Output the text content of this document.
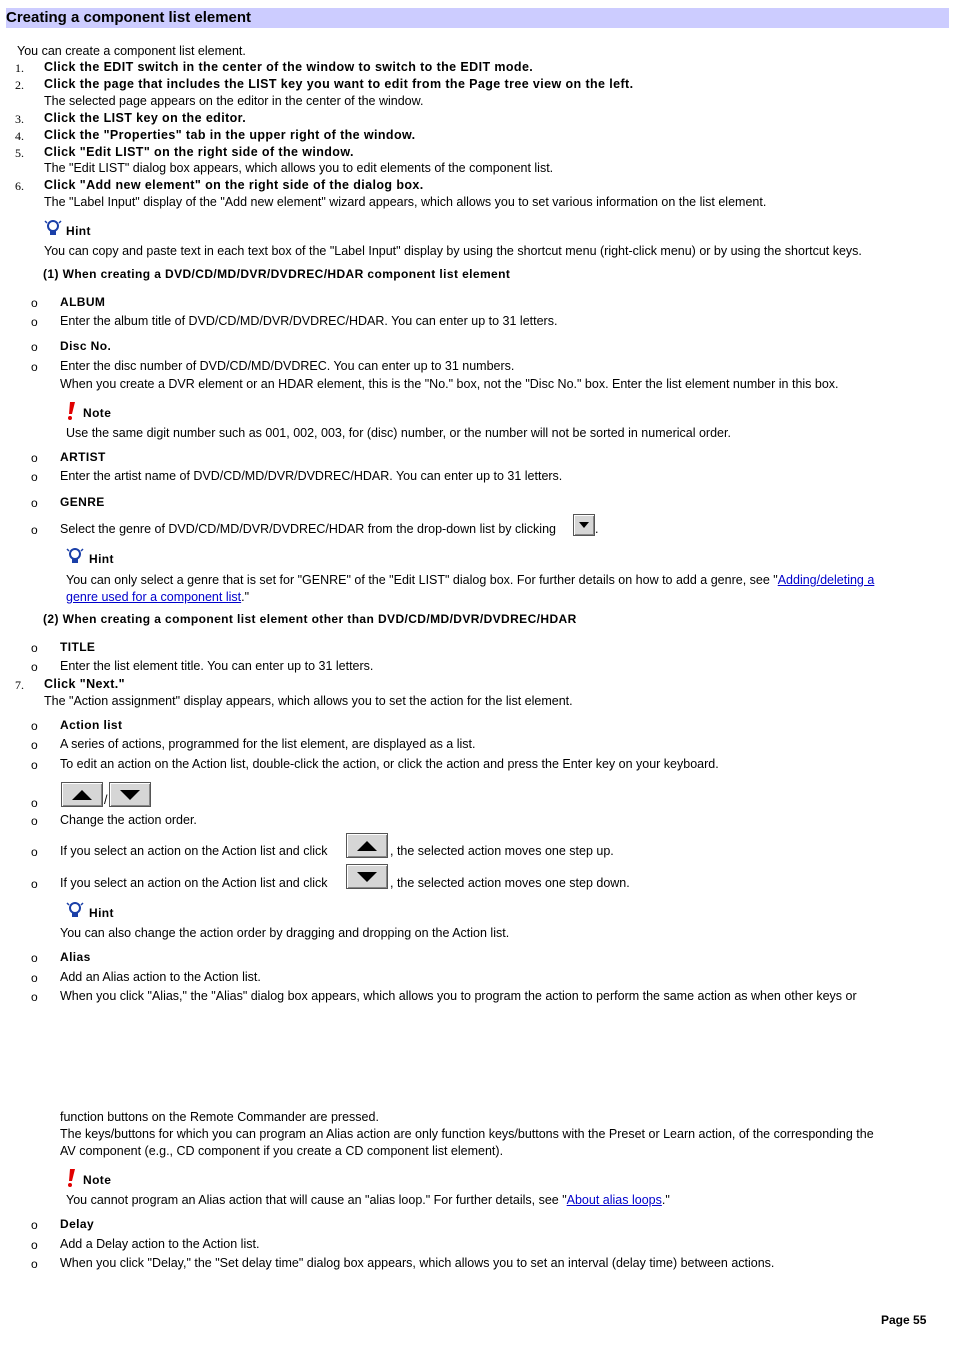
Creating a component list element
You can create a component list element.
1. Click the EDIT switch in the center of the window to switch to the EDIT mode.
2. Click the page that includes the LIST key you want to edit from the Page tree view on the left.
The selected page appears on the editor in the center of the window.
3. Click the LIST key on the editor.
4. Click the "Properties" tab in the upper right of the window.
5. Click "Edit LIST" on the right side of the window.
The "Edit LIST" dialog box appears, which allows you to edit elements of the component list.
6. Click "Add new element" on the right side of the dialog box.
The "Label Input" display of the "Add new element" wizard appears, which allows you to set various information on the list element.
Hint
You can copy and paste text in each text box of the "Label Input" display by using the shortcut menu (right-click menu) or by using the shortcut keys.
(1) When creating a DVD/CD/MD/DVR/DVDREC/HDAR component list element
o ALBUM
o Enter the album title of DVD/CD/MD/DVR/DVDREC/HDAR. You can enter up to 31 letters.
o Disc No.
o Enter the disc number of DVD/CD/MD/DVDREC. You can enter up to 31 numbers.
When you create a DVR element or an HDAR element, this is the "No." box, not the "Disc No." box. Enter the list element number in this box.
Note
Use the same digit number such as 001, 002, 003, for (disc) number, or the number will not be sorted in numerical order.
o ARTIST
o Enter the artist name of DVD/CD/MD/DVR/DVDREC/HDAR. You can enter up to 31 letters.
o GENRE
o Select the genre of DVD/CD/MD/DVR/DVDREC/HDAR from the drop-down list by clicking	.
Hint
You can only select a genre that is set for "GENRE" of the "Edit LIST" dialog box. For further details on how to add a genre, see "Adding/deleting a
genre used for a component list."
(2) When creating a component list element other than DVD/CD/MD/DVR/DVDREC/HDAR
o TITLE
o Enter the list element title. You can enter up to 31 letters.
7. Click "Next."
The "Action assignment" display appears, which allows you to set the action for the list element.
o Action list
o A series of actions, programmed for the list element, are displayed as a list.
o To edit an action on the Action list, double-click the action, or click the action and press the Enter key on your keyboard.
o	/
o Change the action order.
o If you select an action on the Action list and click	, the selected action moves one step up.
o If you select an action on the Action list and click	, the selected action moves one step down.
Hint
You can also change the action order by dragging and dropping on the Action list.
o Alias
o Add an Alias action to the Action list.
o When you click "Alias," the "Alias" dialog box appears, which allows you to program the action to perform the same action as when other keys or
function buttons on the Remote Commander are pressed.
The keys/buttons for which you can program an Alias action are only function keys/buttons with the Preset or Learn action, of the corresponding the
AV component (e.g., CD component if you create a CD component list element).
Note
You cannot program an Alias action that will cause an "alias loop." For further details, see "About alias loops."
o Delay
o Add a Delay action to the Action list.
o When you click "Delay," the "Set delay time" dialog box appears, which allows you to set an interval (delay time) between actions.
Page 55
